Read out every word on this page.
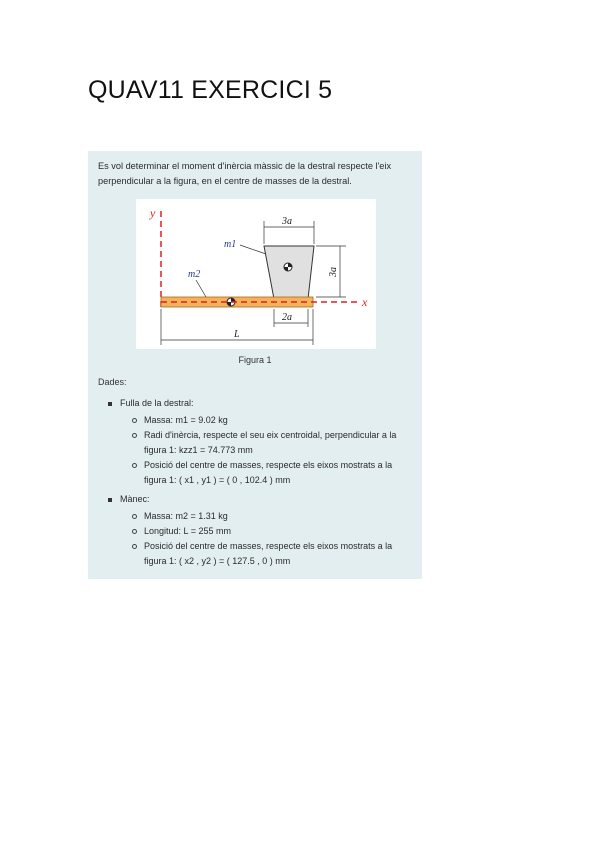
QUAV11 EXERCICI 5
Es vol determinar el moment d'inèrcia màssic de la destral respecte l'eix perpendicular a la figura, en el centre de masses de la destral.
y
x
3a
3a
2a
L
m1
m2
Figura 1
Dades:
Fulla de la destral:
Massa: m1 = 9.02 kg
Radi d'inèrcia, respecte el seu eix centroidal, perpendicular a la figura 1: kzz1 = 74.773 mm
Posició del centre de masses, respecte els eixos mostrats a la figura 1: ( x1 , y1 ) = ( 0 , 102.4 ) mm
Mànec:
Massa: m2 = 1.31 kg
Longitud: L = 255 mm
Posició del centre de masses, respecte els eixos mostrats a la figura 1: ( x2 , y2 ) = ( 127.5 , 0 ) mm
